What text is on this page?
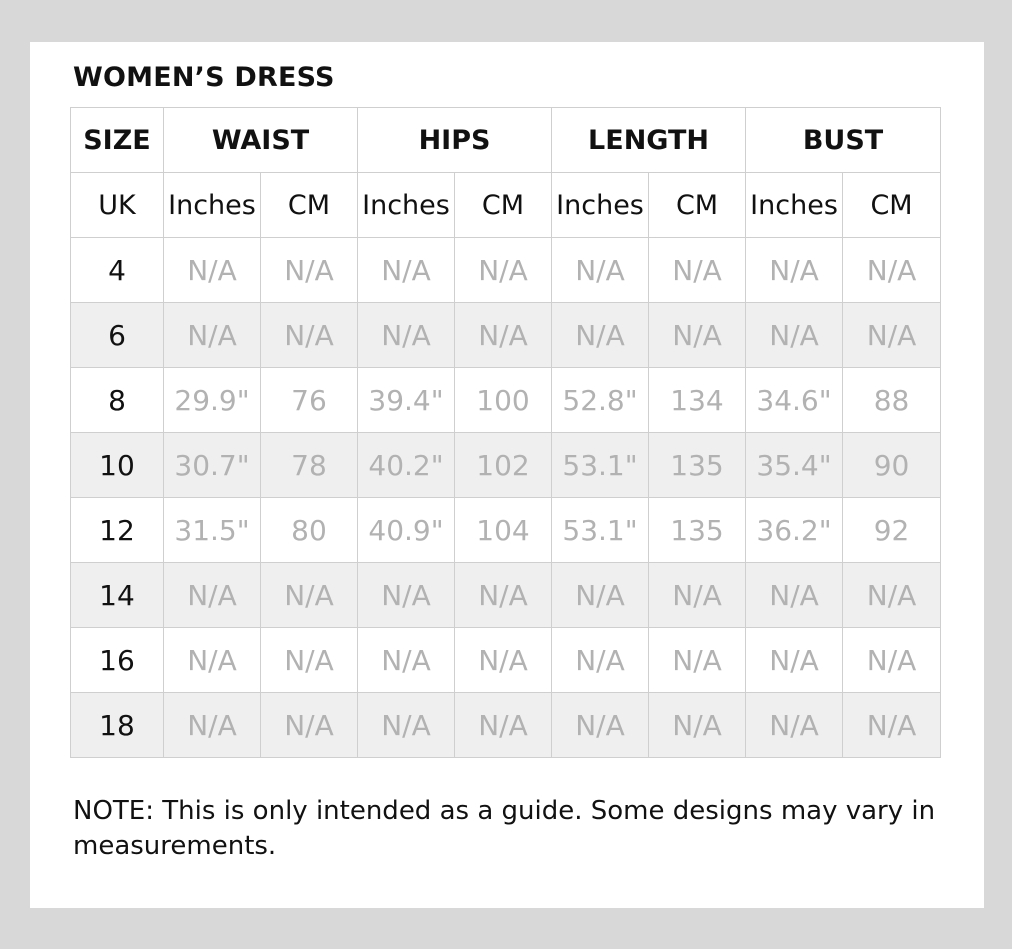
WOMEN’S DRESS
SIZE	WAIST		HIPS		LENGTH		BUST	
UK	Inches	CM	Inches	CM	Inches	CM	Inches	CM
4	N/A	N/A	N/A	N/A	N/A	N/A	N/A	N/A
6	N/A	N/A	N/A	N/A	N/A	N/A	N/A	N/A
8	29.9"	76	39.4"	100	52.8"	134	34.6"	88
10	30.7"	78	40.2"	102	53.1"	135	35.4"	90
12	31.5"	80	40.9"	104	53.1"	135	36.2"	92
14	N/A	N/A	N/A	N/A	N/A	N/A	N/A	N/A
16	N/A	N/A	N/A	N/A	N/A	N/A	N/A	N/A
18	N/A	N/A	N/A	N/A	N/A	N/A	N/A	N/A

NOTE: This is only intended as a guide. Some designs may vary in measurements.
